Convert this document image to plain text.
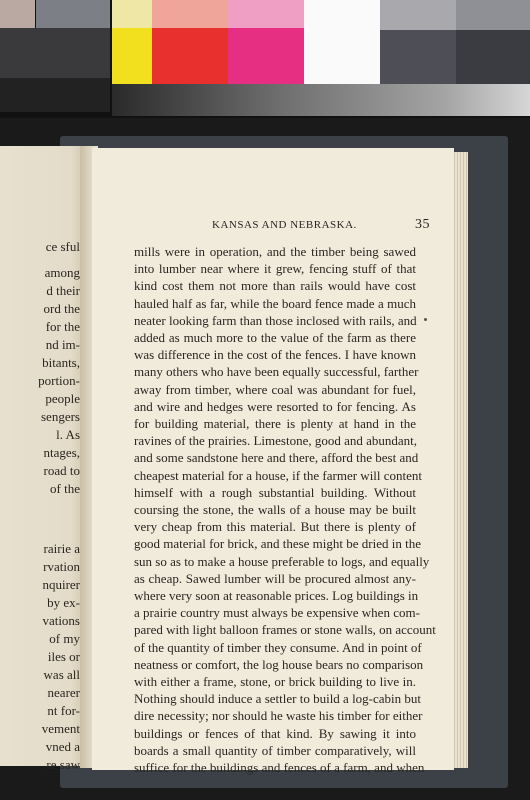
ce sful
among
d their
ord the
for the
nd im-
bitants,
portion-
people
sengers
l. As
ntages,
road to
of the
rairie a
rvation
nquirer
by ex-
vations
of my
iles or
was all
nearer
nt for-
vement
vned a
re saw
KANSAS AND NEBRASKA.	35
mills were in operation, and the timber being sawed
into lumber near where it grew, fencing stuff of that
kind cost them not more than rails would have cost
hauled half as far, while the board fence made a much
neater looking farm than those inclosed with rails, and
added as much more to the value of the farm as there
was difference in the cost of the fences. I have known
many others who have been equally successful, farther
away from timber, where coal was abundant for fuel,
and wire and hedges were resorted to for fencing. As
for building material, there is plenty at hand in the
ravines of the prairies. Limestone, good and abundant,
and some sandstone here and there, afford the best and
cheapest material for a house, if the farmer will content
himself with a rough substantial building. Without
coursing the stone, the walls of a house may be built
very cheap from this material. But there is plenty of
good material for brick, and these might be dried in the
sun so as to make a house preferable to logs, and equally
as cheap. Sawed lumber will be procured almost any-
where very soon at reasonable prices. Log buildings in
a prairie country must always be expensive when com-
pared with light balloon frames or stone walls, on account
of the quantity of timber they consume. And in point of
neatness or comfort, the log house bears no comparison
with either a frame, stone, or brick building to live in.
Nothing should induce a settler to build a log-cabin but
dire necessity; nor should he waste his timber for either
buildings or fences of that kind. By sawing it into
boards a small quantity of timber comparatively, will
suffice for the buildings and fences of a farm, and when
